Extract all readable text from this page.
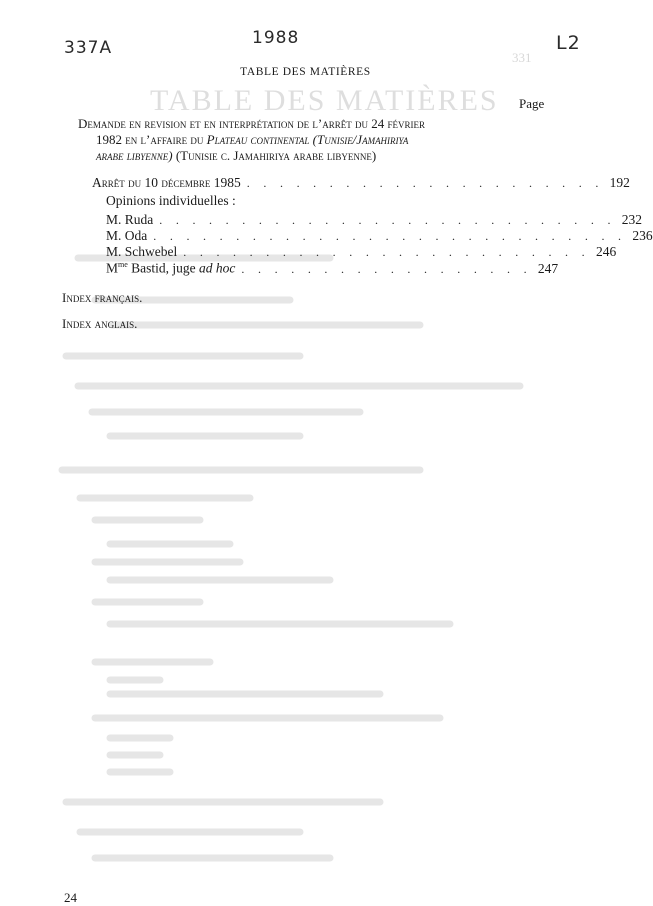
337A	1988	L2
331
TABLE DES MATIÈRES
TABLE DES MATIÈRES
Page
Demande en revision et en interprétation de l’arrêt du 24 février
1982 en l’affaire du Plateau continental (Tunisie/Jamahiriya
arabe libyenne) (Tunisie c. Jamahiriya arabe libyenne)
Arrêt du 10 décembre 1985 . . . . . . . . . . . . . . . . . . . . . . 192
Opinions individuelles :
M. Ruda . . . . . . . . . . . . . . . . . . . . . . . . . . . . 232
M. Oda . . . . . . . . . . . . . . . . . . . . . . . . . . . . . 236
M. Schwebel . . . . . . . . . . . . . . . . . . . . . . . . . 246
$M^{me}$ Bastid, juge ad hoc . . . . . . . . . . . . . . . . . . 247
Index français.
Index anglais.
24
